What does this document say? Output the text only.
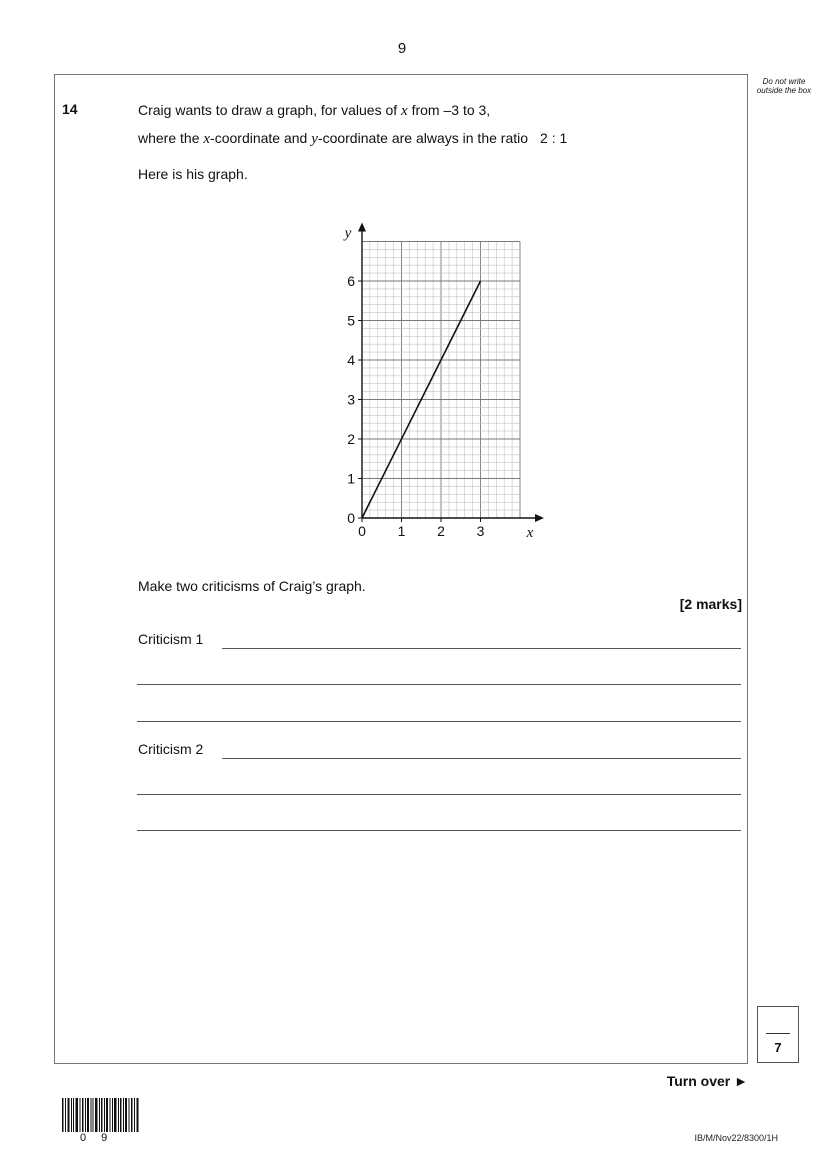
9
Do not write outside the box
14	Craig wants to draw a graph, for values of x from –3 to 3,
where the x-coordinate and y-coordinate are always in the ratio 2 : 1
Here is his graph.
0 1 2 3
0
1
2
3
4
5
6
x
y
Make two criticisms of Craig’s graph.
[2 marks]
Criticism 1
Criticism 2
7
Turn over ►
0 9	IB/M/Nov22/8300/1H
